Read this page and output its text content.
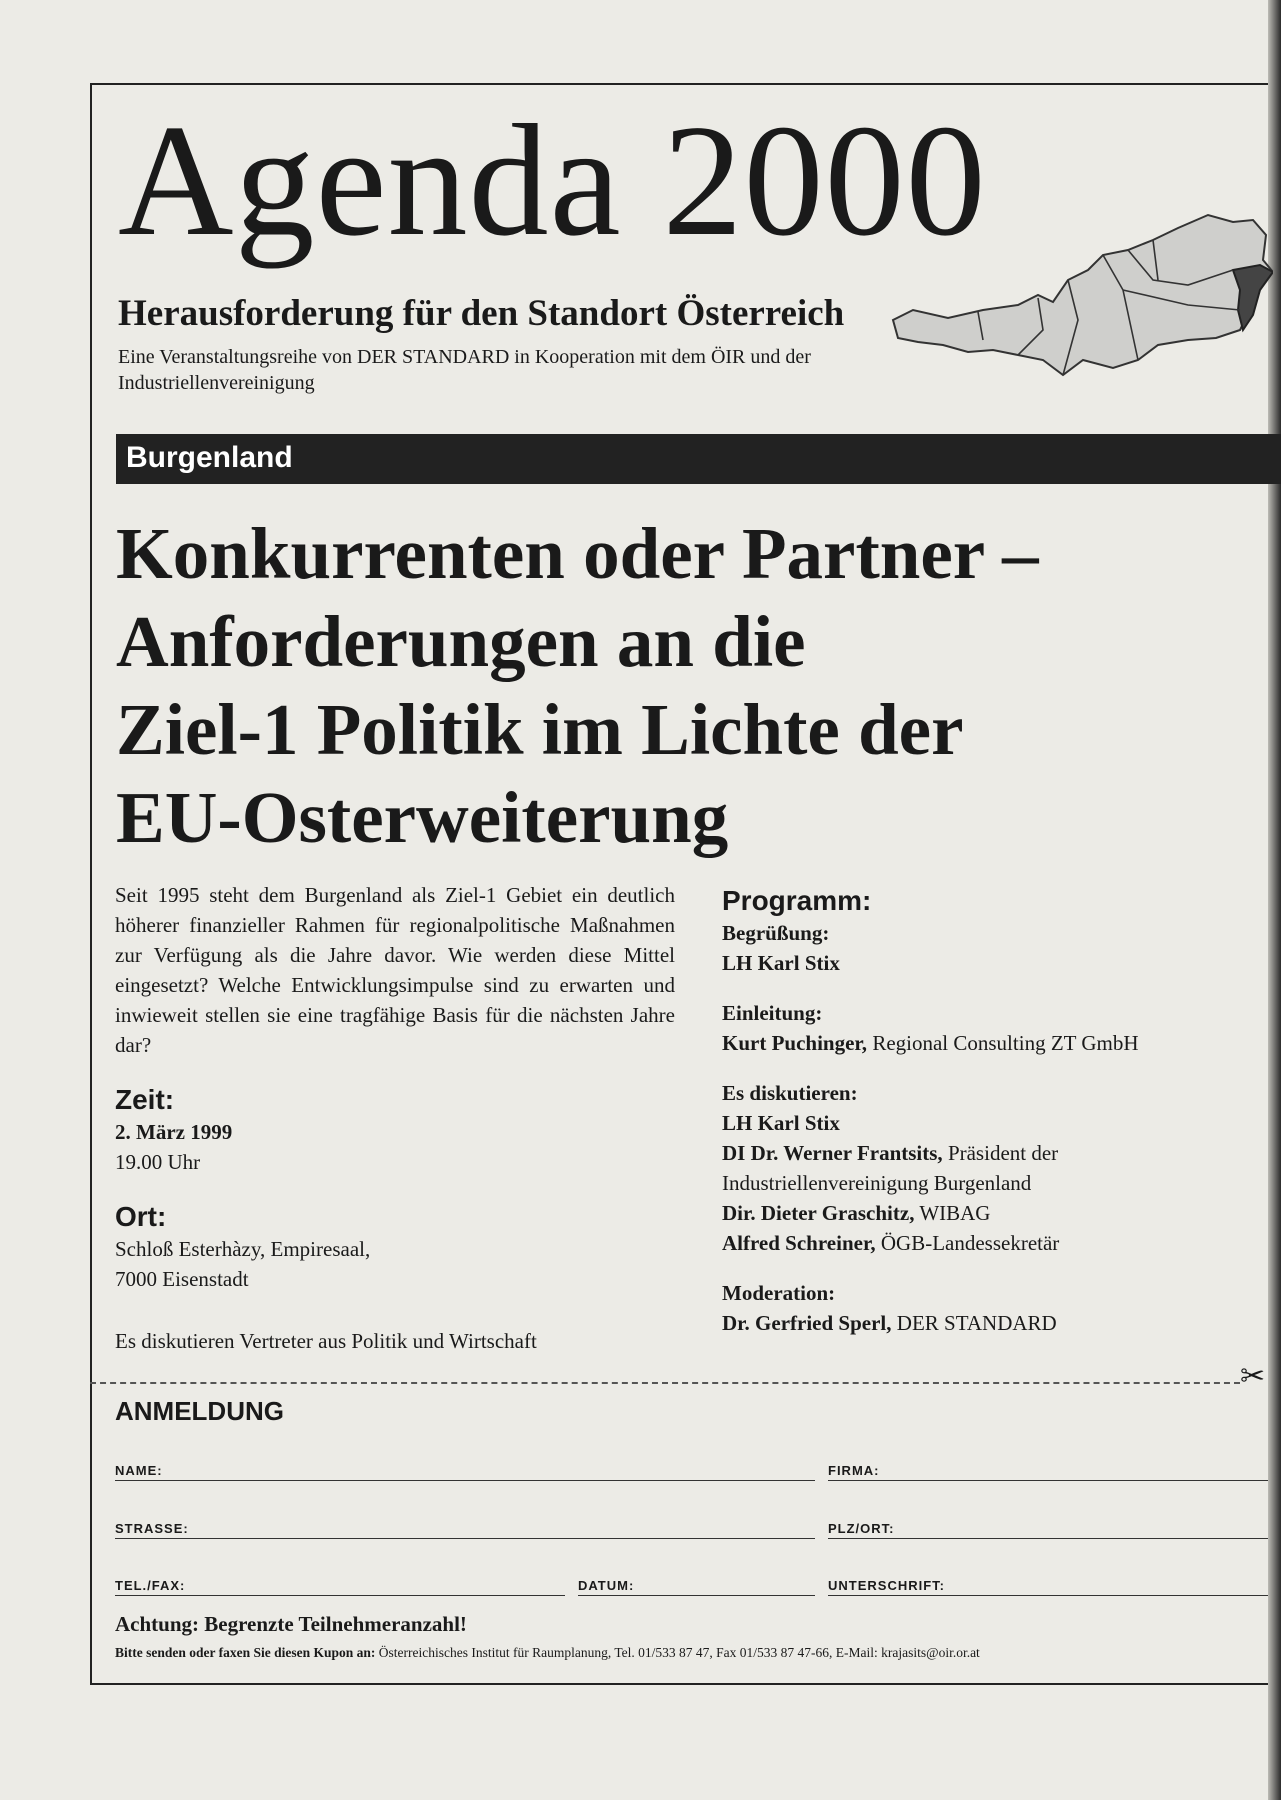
Agenda 2000
Herausforderung für den Standort Österreich
Eine Veranstaltungsreihe von DER STANDARD in Kooperation mit dem ÖIR und der Industriellenvereinigung
Burgenland
Konkurrenten oder Partner –
Anforderungen an die
Ziel-1 Politik im Lichte der
EU-Osterweiterung

Seit 1995 steht dem Burgenland als Ziel-1 Gebiet ein deutlich höherer finanzieller Rahmen für regionalpolitische Maßnahmen zur Verfügung als die Jahre davor. Wie werden diese Mittel eingesetzt? Welche Entwicklungsimpulse sind zu erwarten und inwieweit stellen sie eine tragfähige Basis für die nächsten Jahre dar?

Zeit:
2. März 1999
19.00 Uhr
Ort:
Schloß Esterhàzy, Empiresaal,
7000 Eisenstadt
Es diskutieren Vertreter aus Politik und Wirtschaft
Programm:
Begrüßung:
LH Karl Stix
Einleitung:
Kurt Puchinger, Regional Consulting ZT GmbH
Es diskutieren:
LH Karl Stix
DI Dr. Werner Frantsits, Präsident der Industriellenvereinigung Burgenland
Dir. Dieter Graschitz, WIBAG
Alfred Schreiner, ÖGB-Landessekretär
Moderation:
Dr. Gerfried Sperl, DER STANDARD
✂
ANMELDUNG
NAME:	FIRMA:
STRASSE:	PLZ/ORT:
TEL./FAX:	DATUM:	UNTERSCHRIFT:
Achtung: Begrenzte Teilnehmeranzahl!
Bitte senden oder faxen Sie diesen Kupon an: Österreichisches Institut für Raumplanung, Tel. 01/533 87 47, Fax 01/533 87 47-66, E-Mail: krajasits@oir.or.at
